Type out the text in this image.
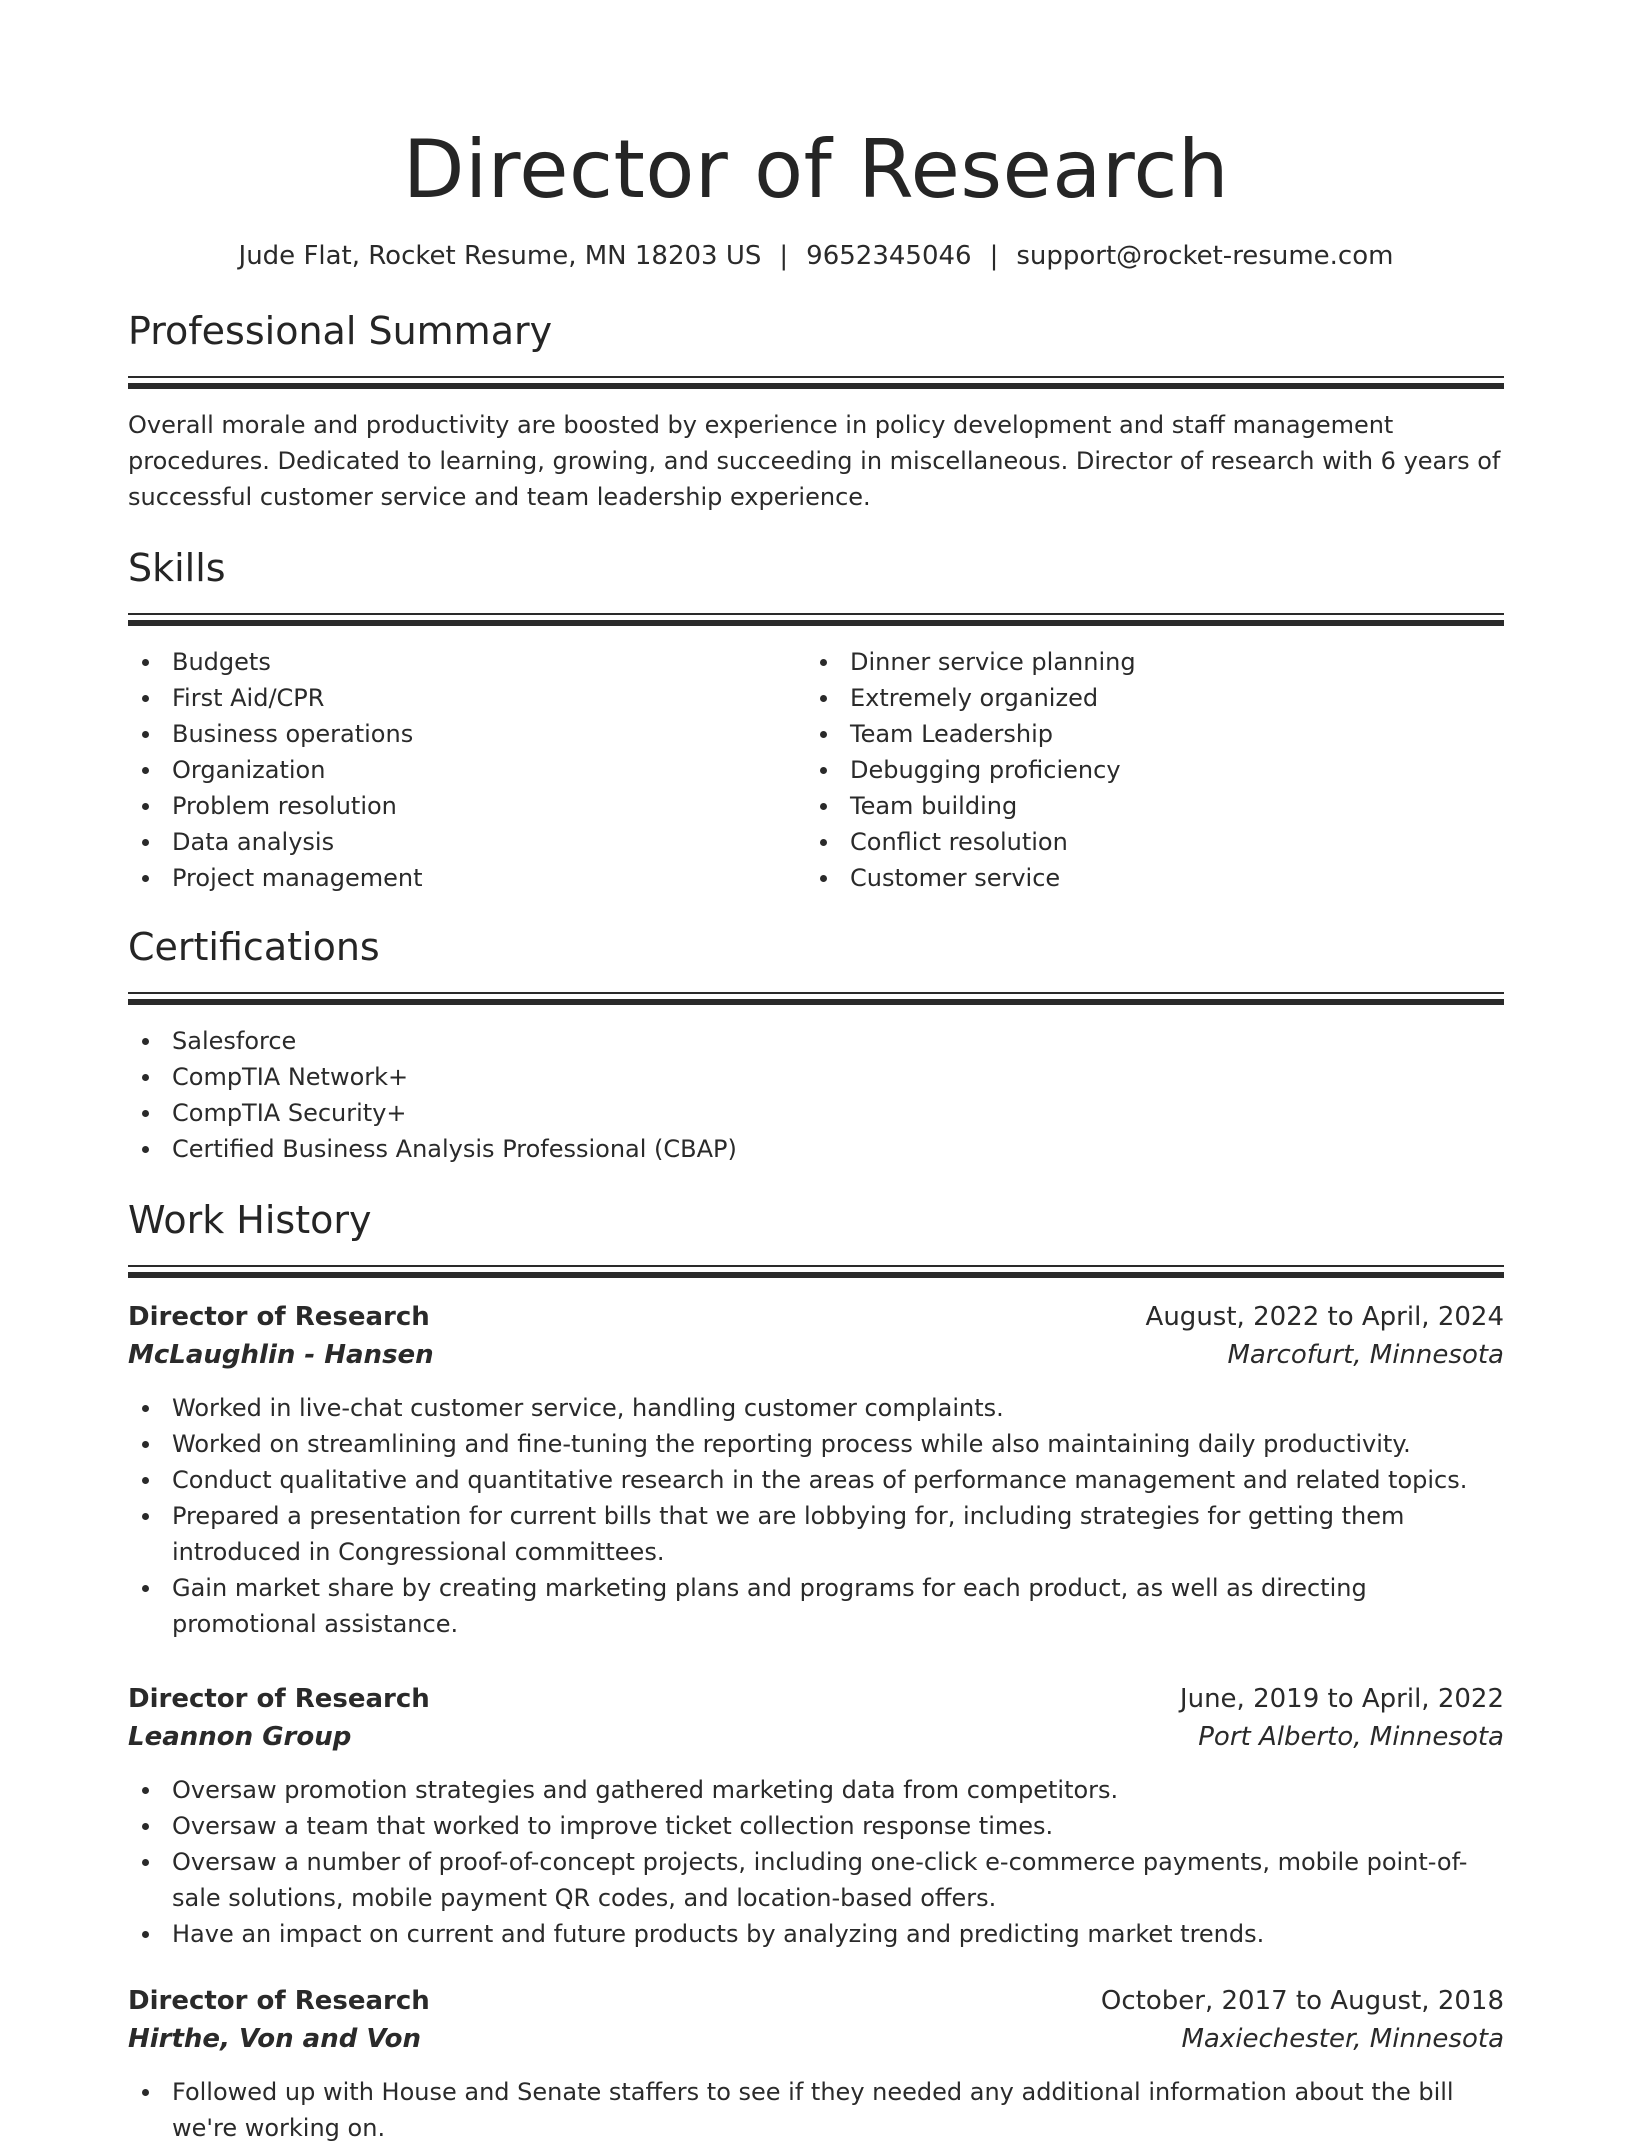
Director of Research
Jude Flat, Rocket Resume, MN 18203 US | 9652345046 | support@rocket-resume.com
Professional Summary
Overall morale and productivity are boosted by experience in policy development and staff management procedures. Dedicated to learning, growing, and succeeding in miscellaneous. Director of research with 6 years of successful customer service and team leadership experience.
Skills
Budgets
First Aid/CPR
Business operations
Organization
Problem resolution
Data analysis
Project management
Dinner service planning
Extremely organized
Team Leadership
Debugging proficiency
Team building
Conflict resolution
Customer service
Certifications
Salesforce
CompTIA Network+
CompTIA Security+
Certified Business Analysis Professional (CBAP)
Work History
Director of Research	August, 2022 to April, 2024
McLaughlin - Hansen	Marcofurt, Minnesota
Worked in live-chat customer service, handling customer complaints.
Worked on streamlining and fine-tuning the reporting process while also maintaining daily productivity.
Conduct qualitative and quantitative research in the areas of performance management and related topics.
Prepared a presentation for current bills that we are lobbying for, including strategies for getting them introduced in Congressional committees.
Gain market share by creating marketing plans and programs for each product, as well as directing promotional assistance.
Director of Research	June, 2019 to April, 2022
Leannon Group	Port Alberto, Minnesota
Oversaw promotion strategies and gathered marketing data from competitors.
Oversaw a team that worked to improve ticket collection response times.
Oversaw a number of proof-of-concept projects, including one-click e-commerce payments, mobile point-of-sale solutions, mobile payment QR codes, and location-based offers.
Have an impact on current and future products by analyzing and predicting market trends.
Director of Research	October, 2017 to August, 2018
Hirthe, Von and Von	Maxiechester, Minnesota
Followed up with House and Senate staffers to see if they needed any additional information about the bill we're working on.
